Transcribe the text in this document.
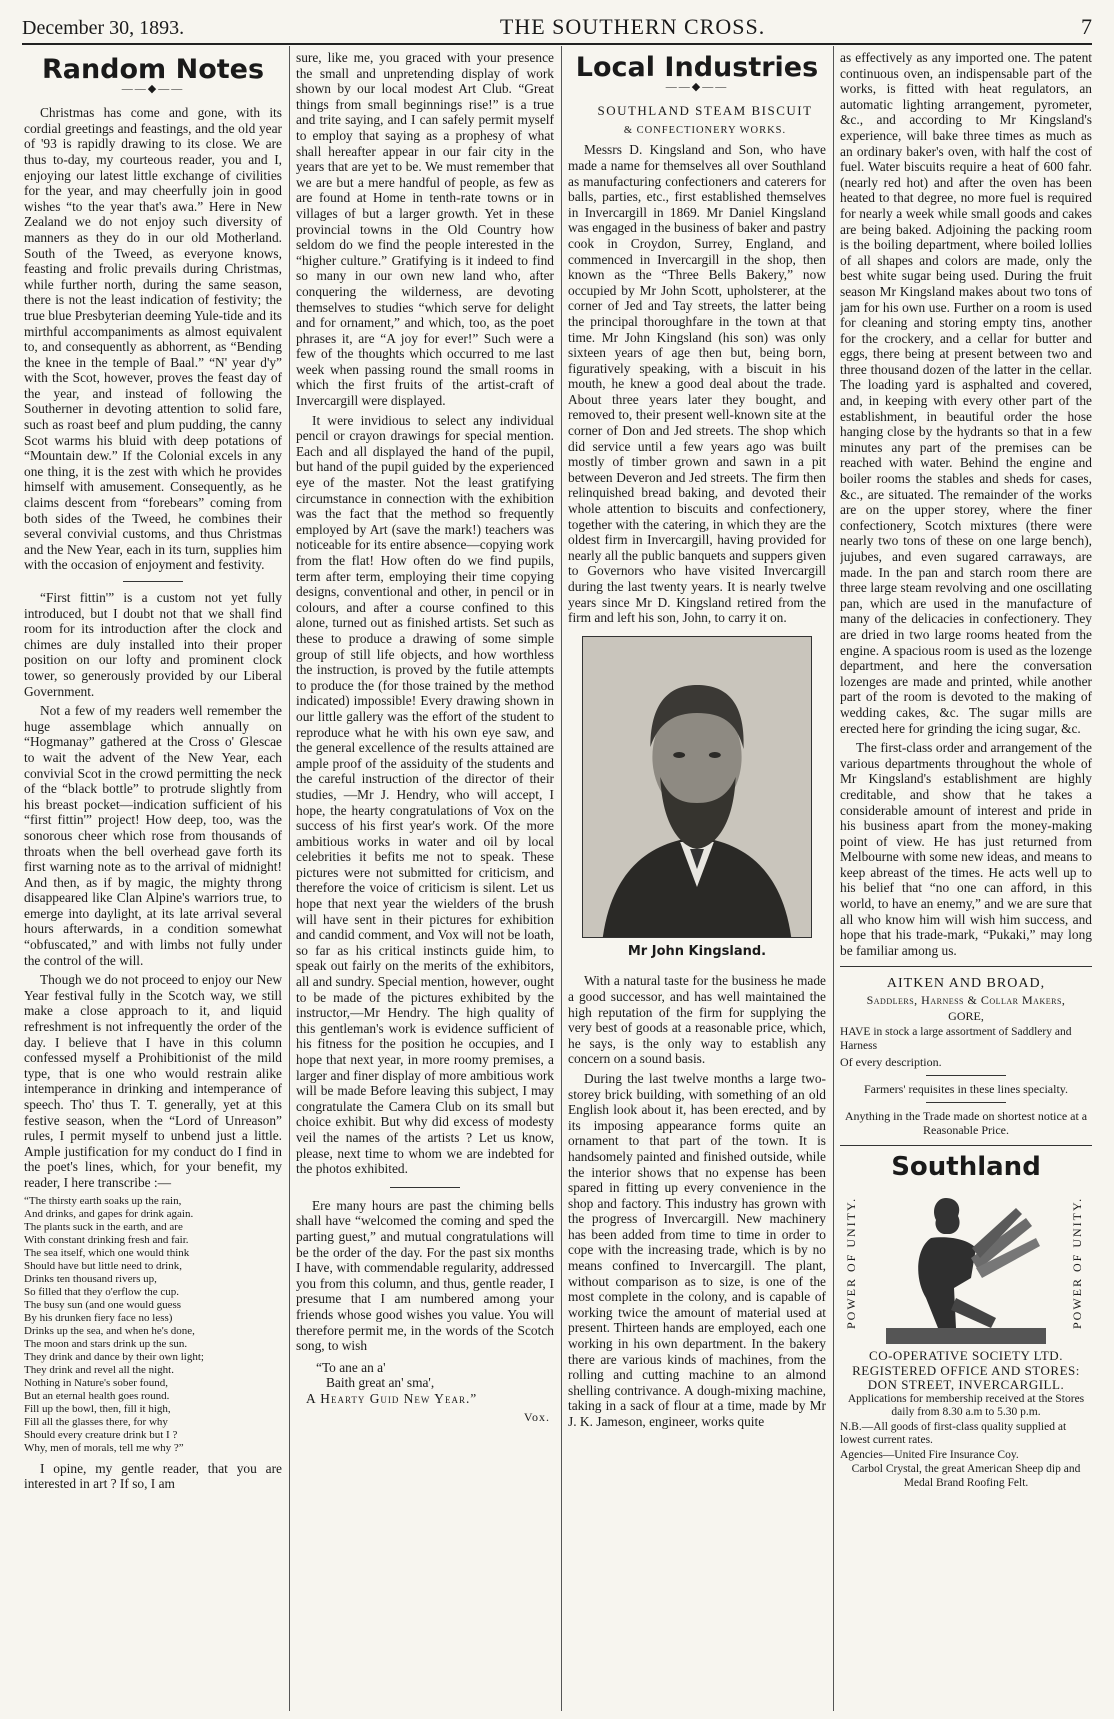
December 30, 1893.	THE SOUTHERN CROSS.	7
Random Notes
——◆——

Christmas has come and gone, with its cordial greetings and feastings, and the old year of '93 is rapidly drawing to its close. We are thus to-day, my courteous reader, you and I, enjoying our latest little exchange of civilities for the year, and may cheerfully join in good wishes “to the year that's awa.” Here in New Zealand we do not enjoy such diversity of manners as they do in our old Motherland. South of the Tweed, as everyone knows, feasting and frolic prevails during Christmas, while further north, during the same season, there is not the least indication of festivity; the true blue Presbyterian deeming Yule-tide and its mirthful accompaniments as almost equivalent to, and consequently as abhorrent, as “Bending the knee in the temple of Baal.” “N' year d'y” with the Scot, however, proves the feast day of the year, and instead of following the Southerner in devoting attention to solid fare, such as roast beef and plum pudding, the canny Scot warms his bluid with deep potations of “Mountain dew.” If the Colonial excels in any one thing, it is the zest with which he provides himself with amusement. Consequently, as he claims descent from “forebears” coming from both sides of the Tweed, he combines their several convivial customs, and thus Christmas and the New Year, each in its turn, supplies him with the occasion of enjoyment and festivity.

“First fittin'” is a custom not yet fully introduced, but I doubt not that we shall find room for its introduction after the clock and chimes are duly installed into their proper position on our lofty and prominent clock tower, so generously provided by our Liberal Government.

Not a few of my readers well remember the huge assemblage which annually on “Hogmanay” gathered at the Cross o' Glescae to wait the advent of the New Year, each convivial Scot in the crowd permitting the neck of the “black bottle” to protrude slightly from his breast pocket—indication sufficient of his “first fittin'” project! How deep, too, was the sonorous cheer which rose from thousands of throats when the bell overhead gave forth its first warning note as to the arrival of midnight! And then, as if by magic, the mighty throng disappeared like Clan Alpine's warriors true, to emerge into daylight, at its late arrival several hours afterwards, in a condition somewhat “obfuscated,” and with limbs not fully under the control of the will.

Though we do not proceed to enjoy our New Year festival fully in the Scotch way, we still make a close approach to it, and liquid refreshment is not infrequently the order of the day. I believe that I have in this column confessed myself a Prohibitionist of the mild type, that is one who would restrain alike intemperance in drinking and intemperance of speech. Tho' thus T. T. generally, yet at this festive season, when the “Lord of Unreason” rules, I permit myself to unbend just a little. Ample justification for my conduct do I find in the poet's lines, which, for your benefit, my reader, I here transcribe :—

“The thirsty earth soaks up the rain,
And drinks, and gapes for drink again.
The plants suck in the earth, and are
With constant drinking fresh and fair.
The sea itself, which one would think
Should have but little need to drink,
Drinks ten thousand rivers up,
So filled that they o'erflow the cup.
The busy sun (and one would guess
By his drunken fiery face no less)
Drinks up the sea, and when he's done,
The moon and stars drink up the sun.
They drink and dance by their own light;
They drink and revel all the night.
Nothing in Nature's sober found,
But an eternal health goes round.
Fill up the bowl, then, fill it high,
Fill all the glasses there, for why
Should every creature drink but I ?
Why, men of morals, tell me why ?”

I opine, my gentle reader, that you are interested in art ? If so, I am

sure, like me, you graced with your presence the small and unpretending display of work shown by our local modest Art Club. “Great things from small beginnings rise!” is a true and trite saying, and I can safely permit myself to employ that saying as a prophesy of what shall hereafter appear in our fair city in the years that are yet to be. We must remember that we are but a mere handful of people, as few as are found at Home in tenth-rate towns or in villages of but a larger growth. Yet in these provincial towns in the Old Country how seldom do we find the people interested in the “higher culture.” Gratifying is it indeed to find so many in our own new land who, after conquering the wilderness, are devoting themselves to studies “which serve for delight and for ornament,” and which, too, as the poet phrases it, are “A joy for ever!” Such were a few of the thoughts which occurred to me last week when passing round the small rooms in which the first fruits of the artist-craft of Invercargill were displayed.

It were invidious to select any individual pencil or crayon drawings for special mention. Each and all displayed the hand of the pupil, but hand of the pupil guided by the experienced eye of the master. Not the least gratifying circumstance in connection with the exhibition was the fact that the method so frequently employed by Art (save the mark!) teachers was noticeable for its entire absence—copying work from the flat! How often do we find pupils, term after term, employing their time copying designs, conventional and other, in pencil or in colours, and after a course confined to this alone, turned out as finished artists. Set such as these to produce a drawing of some simple group of still life objects, and how worthless the instruction, is proved by the futile attempts to produce the (for those trained by the method indicated) impossible! Every drawing shown in our little gallery was the effort of the student to reproduce what he with his own eye saw, and the general excellence of the results attained are ample proof of the assiduity of the students and the careful instruction of the director of their studies, —Mr J. Hendry, who will accept, I hope, the hearty congratulations of Vox on the success of his first year's work. Of the more ambitious works in water and oil by local celebrities it befits me not to speak. These pictures were not submitted for criticism, and therefore the voice of criticism is silent. Let us hope that next year the wielders of the brush will have sent in their pictures for exhibition and candid comment, and Vox will not be loath, so far as his critical instincts guide him, to speak out fairly on the merits of the exhibitors, all and sundry. Special mention, however, ought to be made of the pictures exhibited by the instructor,—Mr Hendry. The high quality of this gentleman's work is evidence sufficient of his fitness for the position he occupies, and I hope that next year, in more roomy premises, a larger and finer display of more ambitious work will be made Before leaving this subject, I may congratulate the Camera Club on its small but choice exhibit. But why did excess of modesty veil the names of the artists ? Let us know, please, next time to whom we are indebted for the photos exhibited.

Ere many hours are past the chiming bells shall have “welcomed the coming and sped the parting guest,” and mutual congratulations will be the order of the day. For the past six months I have, with commendable regularity, addressed you from this column, and thus, gentle reader, I presume that I am numbered among your friends whose good wishes you value. You will therefore permit me, in the words of the Scotch song, to wish

“To ane an a'
Baith great an' sma',
A Hearty Guid New Year.”
Vox.
Local Industries
——◆——

SOUTHLAND STEAM BISCUIT

& CONFECTIONERY WORKS.

Messrs D. Kingsland and Son, who have made a name for themselves all over Southland as manufacturing confectioners and caterers for balls, parties, etc., first established themselves in Invercargill in 1869. Mr Daniel Kingsland was engaged in the business of baker and pastry cook in Croydon, Surrey, England, and commenced in Invercargill in the shop, then known as the “Three Bells Bakery,” now occupied by Mr John Scott, upholsterer, at the corner of Jed and Tay streets, the latter being the principal thoroughfare in the town at that time. Mr John Kingsland (his son) was only sixteen years of age then but, being born, figuratively speaking, with a biscuit in his mouth, he knew a good deal about the trade. About three years later they bought, and removed to, their present well-known site at the corner of Don and Jed streets. The shop which did service until a few years ago was built mostly of timber grown and sawn in a pit between Deveron and Jed streets. The firm then relinquished bread baking, and devoted their whole attention to biscuits and confectionery, together with the catering, in which they are the oldest firm in Invercargill, having provided for nearly all the public banquets and suppers given to Governors who have visited Invercargill during the last twenty years. It is nearly twelve years since Mr D. Kingsland retired from the firm and left his son, John, to carry it on.

Mr John Kingsland.

With a natural taste for the business he made a good successor, and has well maintained the high reputation of the firm for supplying the very best of goods at a reasonable price, which, he says, is the only way to establish any concern on a sound basis.

During the last twelve months a large two-storey brick building, with something of an old English look about it, has been erected, and by its imposing appearance forms quite an ornament to that part of the town. It is handsomely painted and finished outside, while the interior shows that no expense has been spared in fitting up every convenience in the shop and factory. This industry has grown with the progress of Invercargill. New machinery has been added from time to time in order to cope with the increasing trade, which is by no means confined to Invercargill. The plant, without comparison as to size, is one of the most complete in the colony, and is capable of working twice the amount of material used at present. Thirteen hands are employed, each one working in his own department. In the bakery there are various kinds of machines, from the rolling and cutting machine to an almond shelling contrivance. A dough-mixing machine, taking in a sack of flour at a time, made by Mr J. K. Jameson, engineer, works quite

as effectively as any imported one. The patent continuous oven, an indispensable part of the works, is fitted with heat regulators, an automatic lighting arrangement, pyrometer, &c., and according to Mr Kingsland's experience, will bake three times as much as an ordinary baker's oven, with half the cost of fuel. Water biscuits require a heat of 600 fahr. (nearly red hot) and after the oven has been heated to that degree, no more fuel is required for nearly a week while small goods and cakes are being baked. Adjoining the packing room is the boiling department, where boiled lollies of all shapes and colors are made, only the best white sugar being used. During the fruit season Mr Kingsland makes about two tons of jam for his own use. Further on a room is used for cleaning and storing empty tins, another for the crockery, and a cellar for butter and eggs, there being at present between two and three thousand dozen of the latter in the cellar. The loading yard is asphalted and covered, and, in keeping with every other part of the establishment, in beautiful order the hose hanging close by the hydrants so that in a few minutes any part of the premises can be reached with water. Behind the engine and boiler rooms the stables and sheds for cases, &c., are situated. The remainder of the works are on the upper storey, where the finer confectionery, Scotch mixtures (there were nearly two tons of these on one large bench), jujubes, and even sugared carraways, are made. In the pan and starch room there are three large steam revolving and one oscillating pan, which are used in the manufacture of many of the delicacies in confectionery. They are dried in two large rooms heated from the engine. A spacious room is used as the lozenge department, and here the conversation lozenges are made and printed, while another part of the room is devoted to the making of wedding cakes, &c. The sugar mills are erected here for grinding the icing sugar, &c.

The first-class order and arrangement of the various departments throughout the whole of Mr Kingsland's establishment are highly creditable, and show that he takes a considerable amount of interest and pride in his business apart from the money-making point of view. He has just returned from Melbourne with some new ideas, and means to keep abreast of the times. He acts well up to his belief that “no one can afford, in this world, to have an enemy,” and we are sure that all who know him will wish him success, and hope that his trade-mark, “Pukaki,” may long be familiar among us.

AITKEN AND BROAD,

Saddlers, Harness & Collar Makers,

GORE,

HAVE in stock a large assortment of Saddlery and Harness

Of every description.

Farmers' requisites in these lines specialty.

Anything in the Trade made on shortest notice at a Reasonable Price.

Southland
POWER OF UNITY.	POWER OF UNITY.

CO-OPERATIVE SOCIETY LTD.

REGISTERED OFFICE AND STORES:

DON STREET, INVERCARGILL.

Applications for membership received at the Stores daily from 8.30 a.m to 5.30 p.m.

N.B.—All goods of first-class quality supplied at lowest current rates.

Agencies—United Fire Insurance Coy.

Carbol Crystal, the great American Sheep dip and Medal Brand Roofing Felt.
